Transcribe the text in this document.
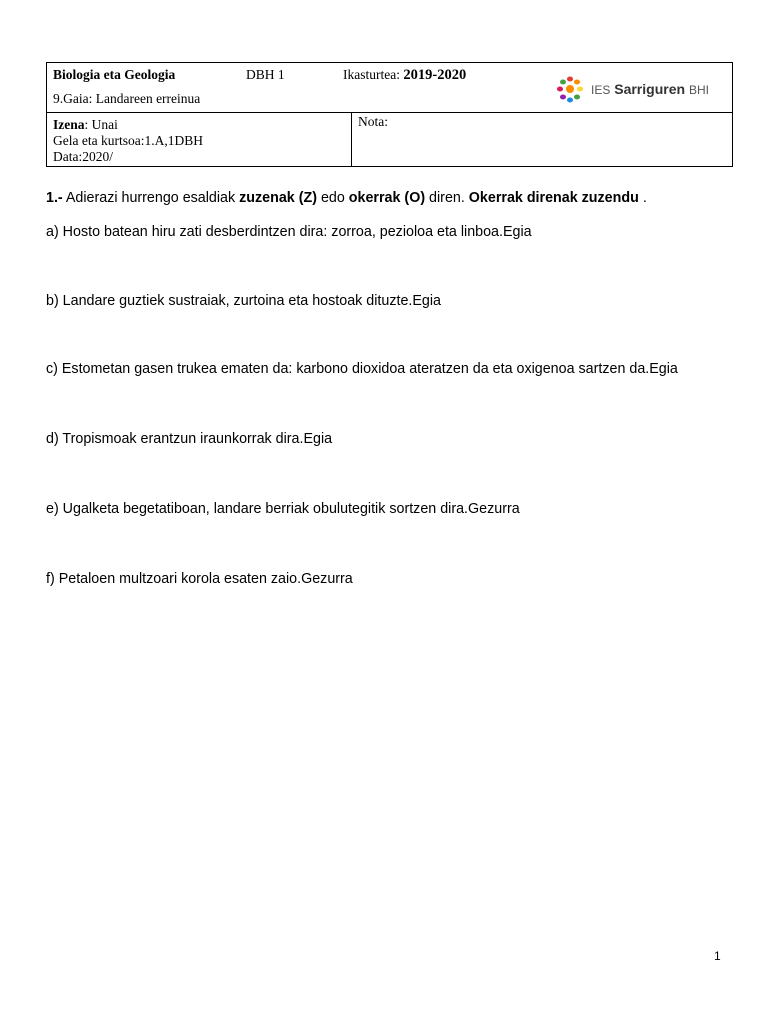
Biologia eta Geologia	DBH 1	Ikasturtea: 2019-2020
9.Gaia: Landareen erreinua
IES Sarriguren BHI
Izena: Unai
Gela eta kurtsoa:1.A,1DBH
Data:2020/
Nota:
1.- Adierazi hurrengo esaldiak zuzenak (Z) edo okerrak (O) diren. Okerrak direnak zuzendu .
a) Hosto batean hiru zati desberdintzen dira: zorroa, pezioloa eta linboa.Egia
b) Landare guztiek sustraiak, zurtoina eta hostoak dituzte.Egia
c) Estometan gasen trukea ematen da: karbono dioxidoa ateratzen da eta oxigenoa sartzen da.Egia
d) Tropismoak erantzun iraunkorrak dira.Egia
e) Ugalketa begetatiboan, landare berriak obulutegitik sortzen dira.Gezurra
f) Petaloen multzoari korola esaten zaio.Gezurra
1
